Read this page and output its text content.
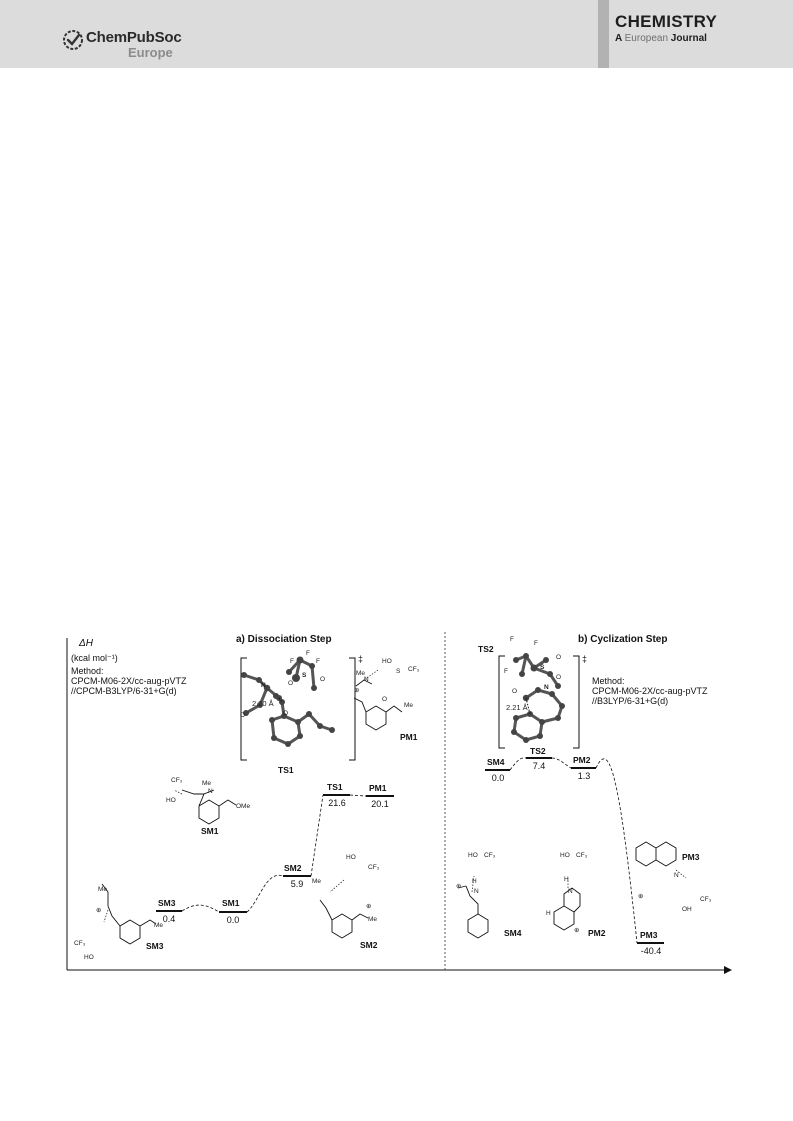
ChemPubSoc
Europe
CHEMISTRY
A European Journal
ΔH
(kcal mol⁻¹)
a) Dissociation Step
Method:
CPCM-M06-2X/cc-aug-pVTZ
//CPCM-B3LYP/6-31+G(d)
2.20 Å
‡
N
S
F
F
F
O
O
O	O
TS1
HO
S CF₃
Me
N
⊕
O
Me
PM1
CF₃
HO
Me
N
OMe
SM1
HO
CF₃
Me
⊕
Me
SM2
Me
⊕
CF₃
HO
Me
SM3
SM3
0.4
SM1
0.0
SM2
5.9
TS1
21.6
PM1
20.1
b) Cyclization Step
Method:
CPCM-M06-2X/cc-aug-pVTZ
//B3LYP/6-31+G(d)
TS2
2.21 Å
‡
F
F
F
S
O
O
O
N
TS2
SM4
0.0
7.4
PM2
1.3
PM3
-40.4
HO CF₃
H
⊕
N
SM4
HO CF₃
H
N
H
⊕ PM2
PM3
N
⊕	CF₃
OH
